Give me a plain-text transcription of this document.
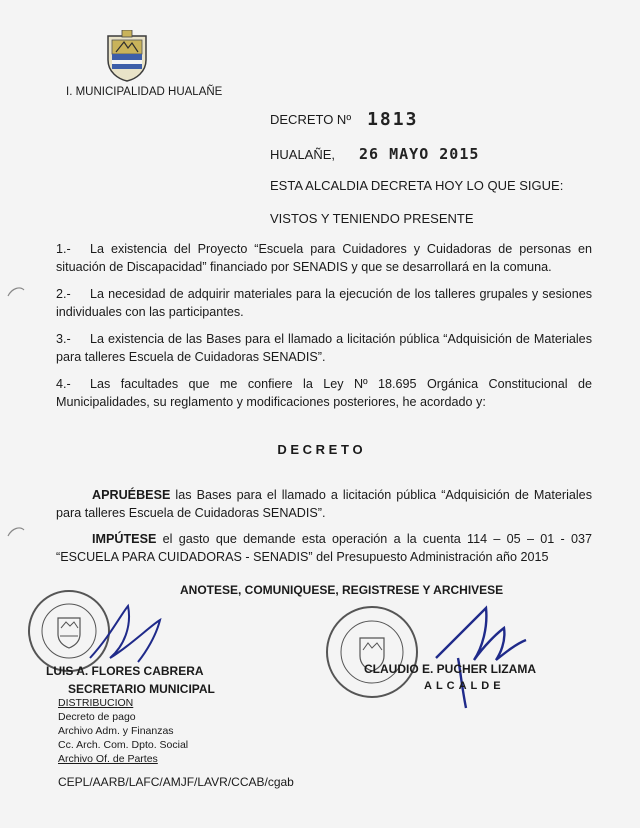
I. MUNICIPALIDAD HUALAÑE
DECRETO Nº 1813
HUALAÑE, 26 MAYO 2015
ESTA ALCALDIA DECRETA HOY LO QUE SIGUE:
VISTOS Y TENIENDO PRESENTE
1.- La existencia del Proyecto “Escuela para Cuidadores y Cuidadoras de personas en situación de Discapacidad” financiado por SENADIS y que se desarrollará en la comuna.
2.- La necesidad de adquirir materiales para la ejecución de los talleres grupales y sesiones individuales con las participantes.
3.- La existencia de las Bases para el llamado a licitación pública “Adquisición de Materiales para talleres Escuela de Cuidadoras SENADIS”.
4.- Las facultades que me confiere la Ley Nº 18.695 Orgánica Constitucional de Municipalidades, su reglamento y modificaciones posteriores, he acordado y:
D E C R E T O
APRUÉBESE las Bases para el llamado a licitación pública “Adquisición de Materiales para talleres Escuela de Cuidadoras SENADIS”.
IMPÚTESE el gasto que demande esta operación a la cuenta 114 – 05 – 01 - 037 “ESCUELA PARA CUIDADORAS - SENADIS” del Presupuesto Administración año 2015
ANOTESE, COMUNIQUESE, REGISTRESE Y ARCHIVESE
LUIS A. FLORES CABRERA
SECRETARIO MUNICIPAL
CLAUDIO E. PUCHER LIZAMA
ALCALDE
DISTRIBUCION
Decreto de pago
Archivo Adm. y Finanzas
Cc. Arch. Com. Dpto. Social
Archivo Of. de Partes
CEPL/AARB/LAFC/AMJF/LAVR/CCAB/cgab
